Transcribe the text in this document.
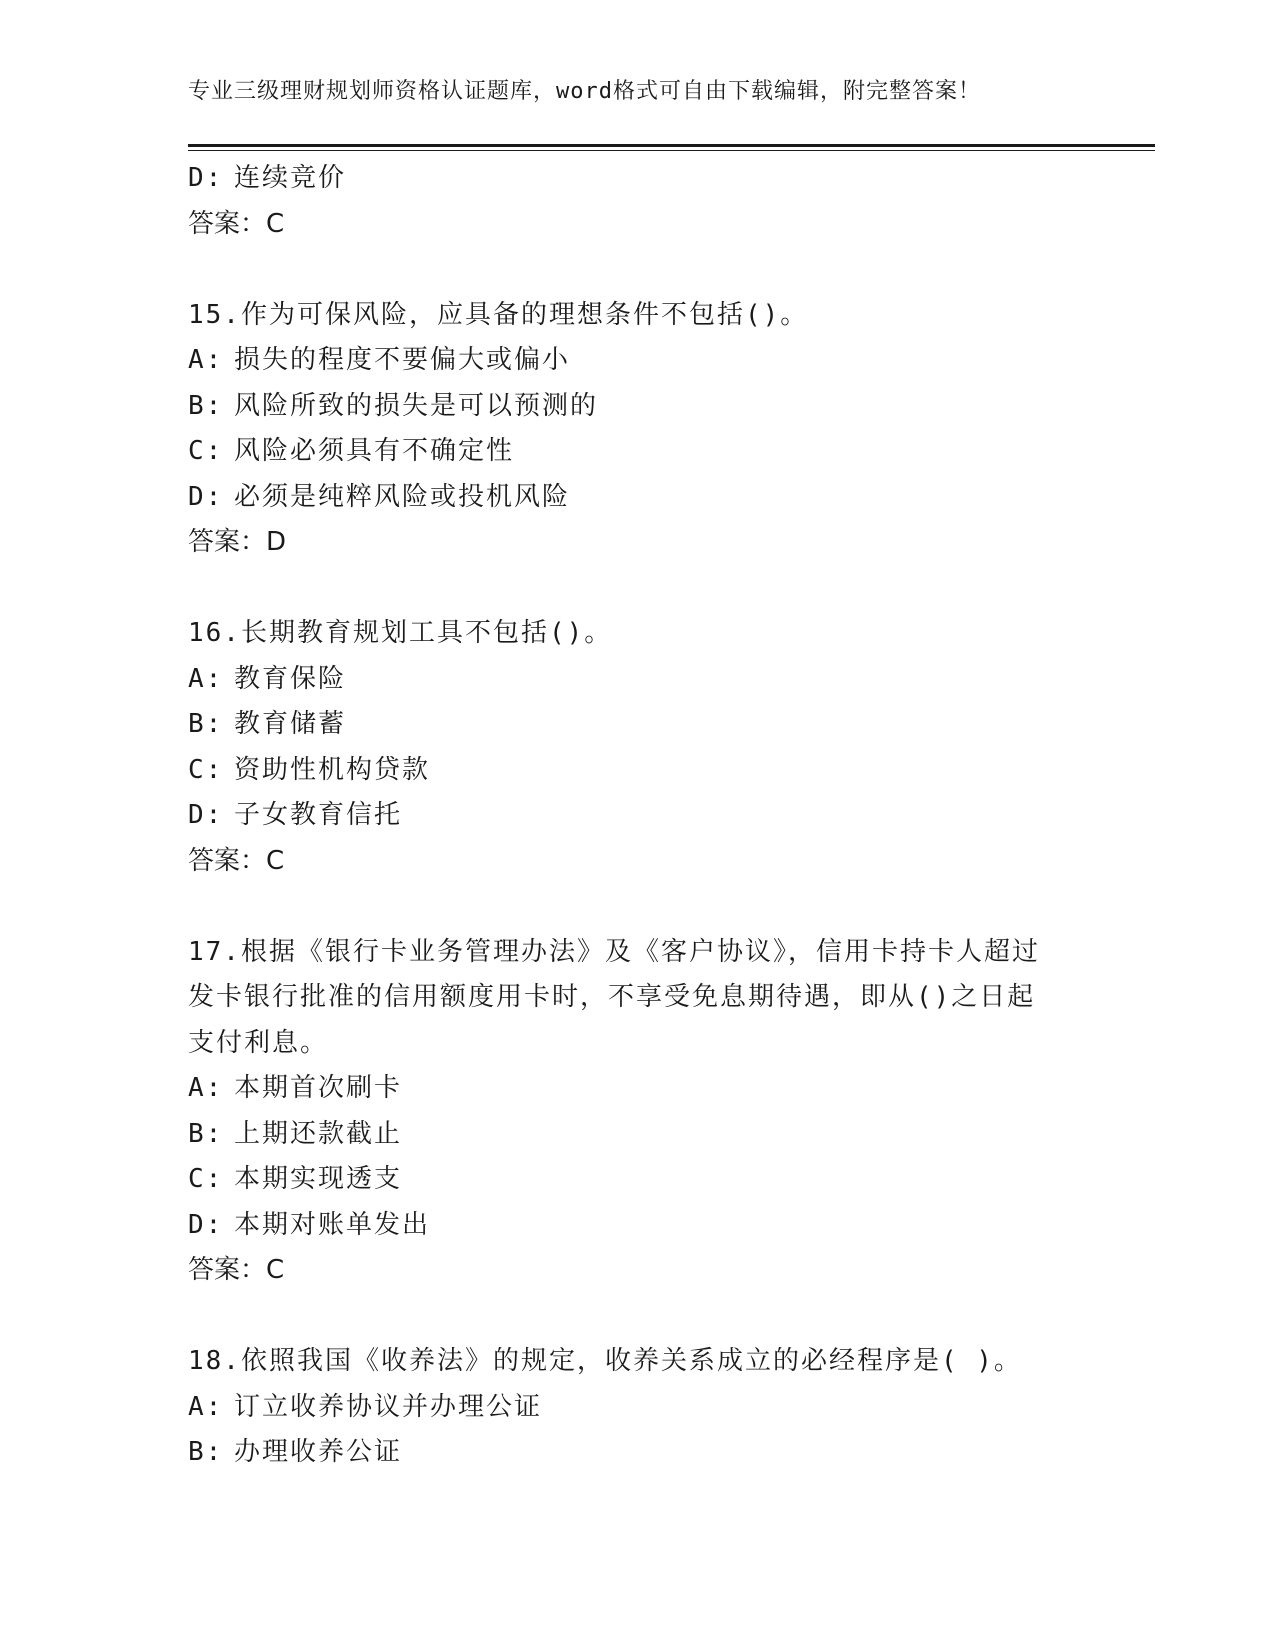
专业三级理财规划师资格认证题库，word格式可自由下载编辑，附完整答案！
D: 连续竞价
答案：C
15.作为可保风险，应具备的理想条件不包括()。
A: 损失的程度不要偏大或偏小
B: 风险所致的损失是可以预测的
C: 风险必须具有不确定性
D: 必须是纯粹风险或投机风险
答案：D
16.长期教育规划工具不包括()。
A: 教育保险
B: 教育储蓄
C: 资助性机构贷款
D: 子女教育信托
答案：C
17.根据《银行卡业务管理办法》及《客户协议》，信用卡持卡人超过
发卡银行批准的信用额度用卡时，不享受免息期待遇，即从()之日起
支付利息。
A: 本期首次刷卡
B: 上期还款截止
C: 本期实现透支
D: 本期对账单发出
答案：C
18.依照我国《收养法》的规定，收养关系成立的必经程序是( )。
A: 订立收养协议并办理公证
B: 办理收养公证
